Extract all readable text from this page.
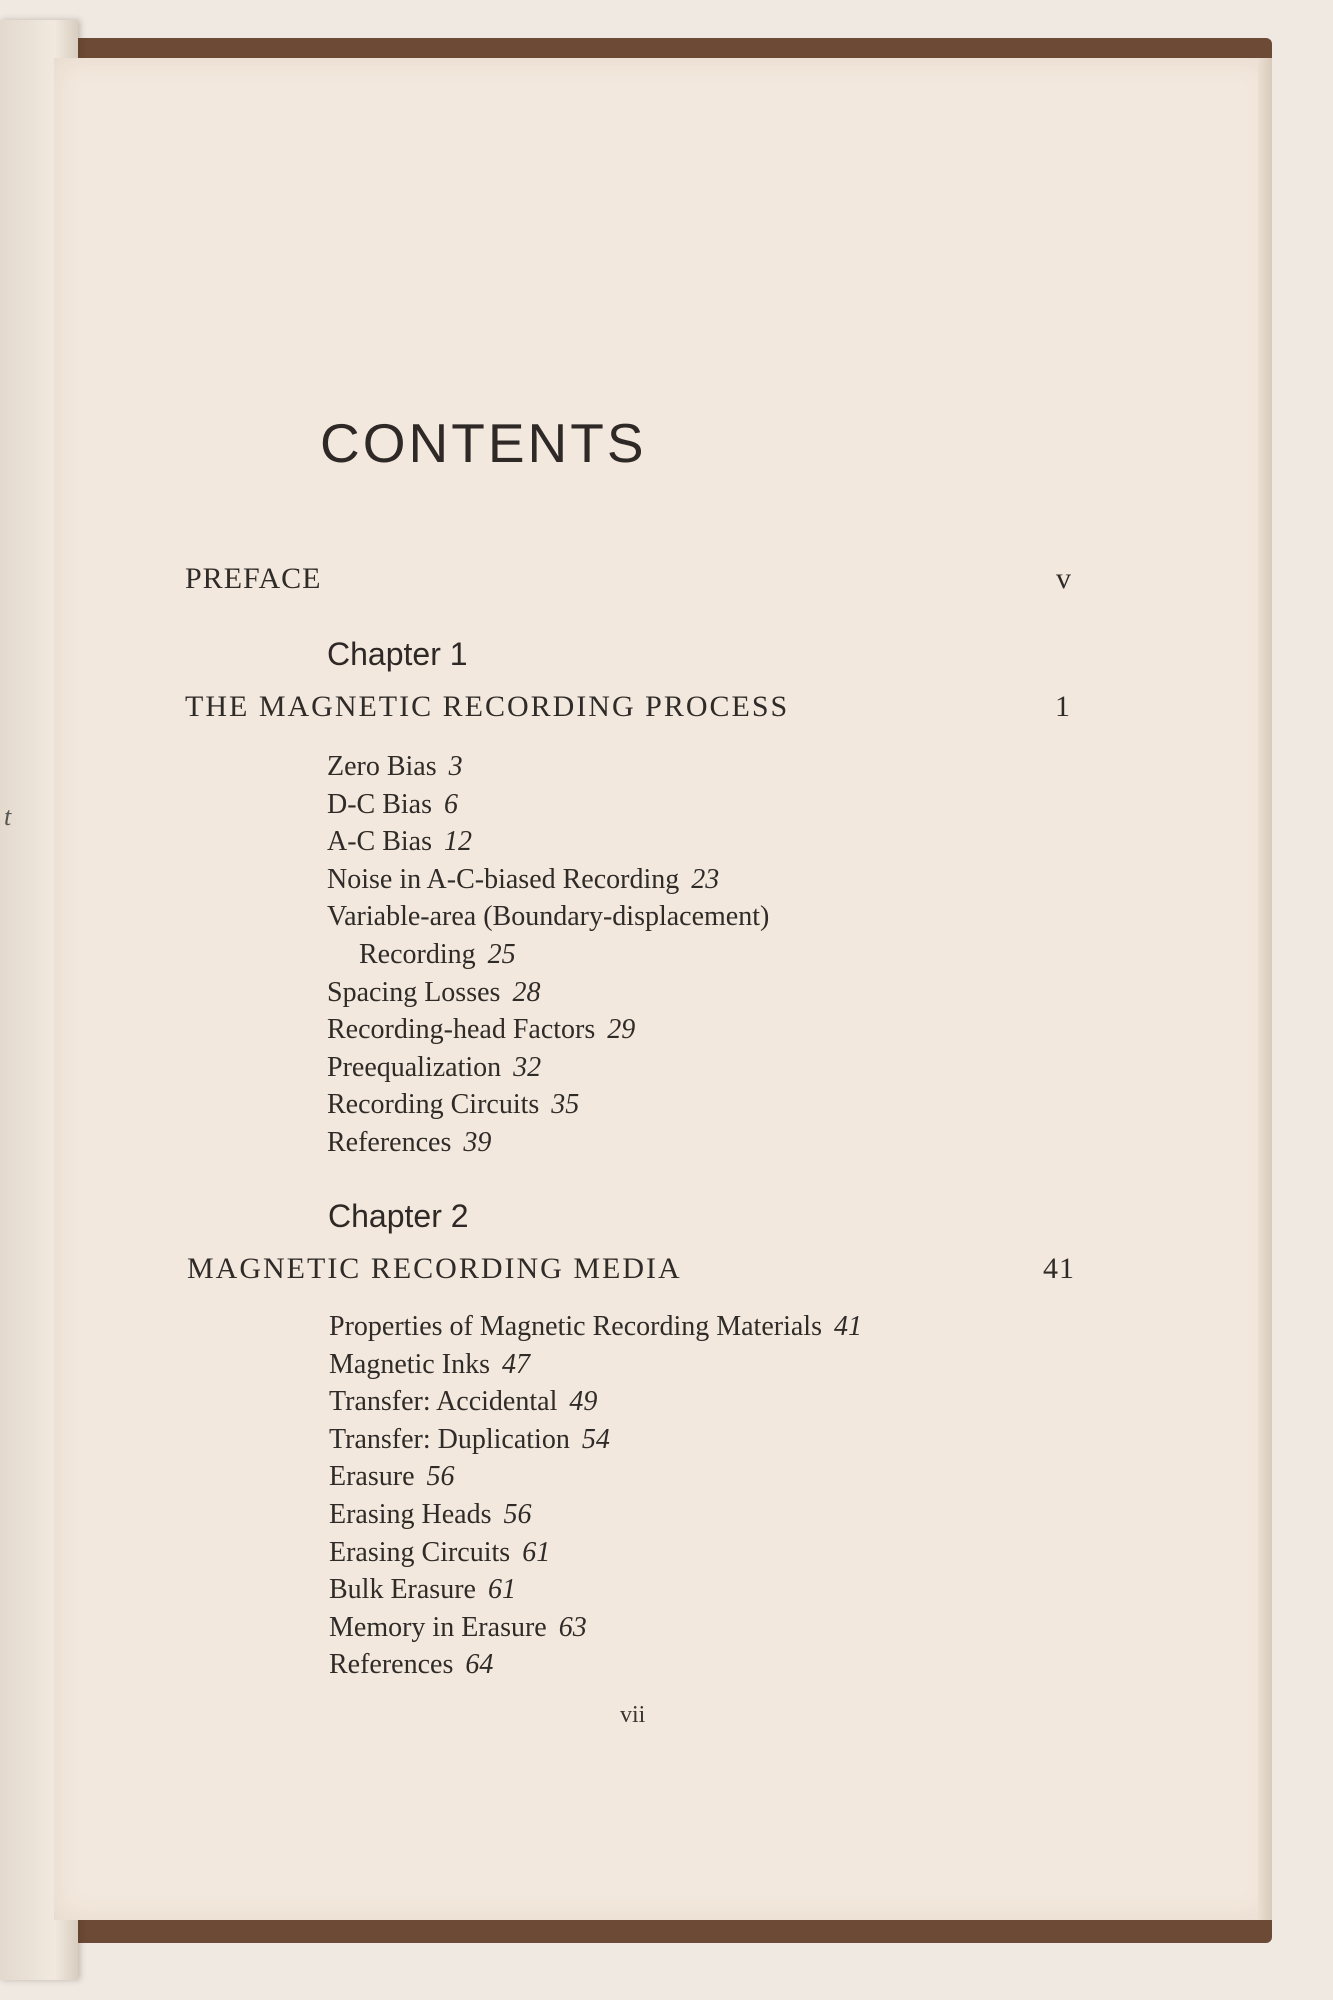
t
CONTENTS

PREFACE	v

Chapter 1

THE MAGNETIC RECORDING PROCESS	1

Zero Bias 3
D-C Bias 6
A-C Bias 12
Noise in A-C-biased Recording 23
Variable-area (Boundary-displacement)
Recording 25
Spacing Losses 28
Recording-head Factors 29
Preequalization 32
Recording Circuits 35
References 39

Chapter 2

MAGNETIC RECORDING MEDIA	41

Properties of Magnetic Recording Materials 41
Magnetic Inks 47
Transfer: Accidental 49
Transfer: Duplication 54
Erasure 56
Erasing Heads 56
Erasing Circuits 61
Bulk Erasure 61
Memory in Erasure 63
References 64

vii
